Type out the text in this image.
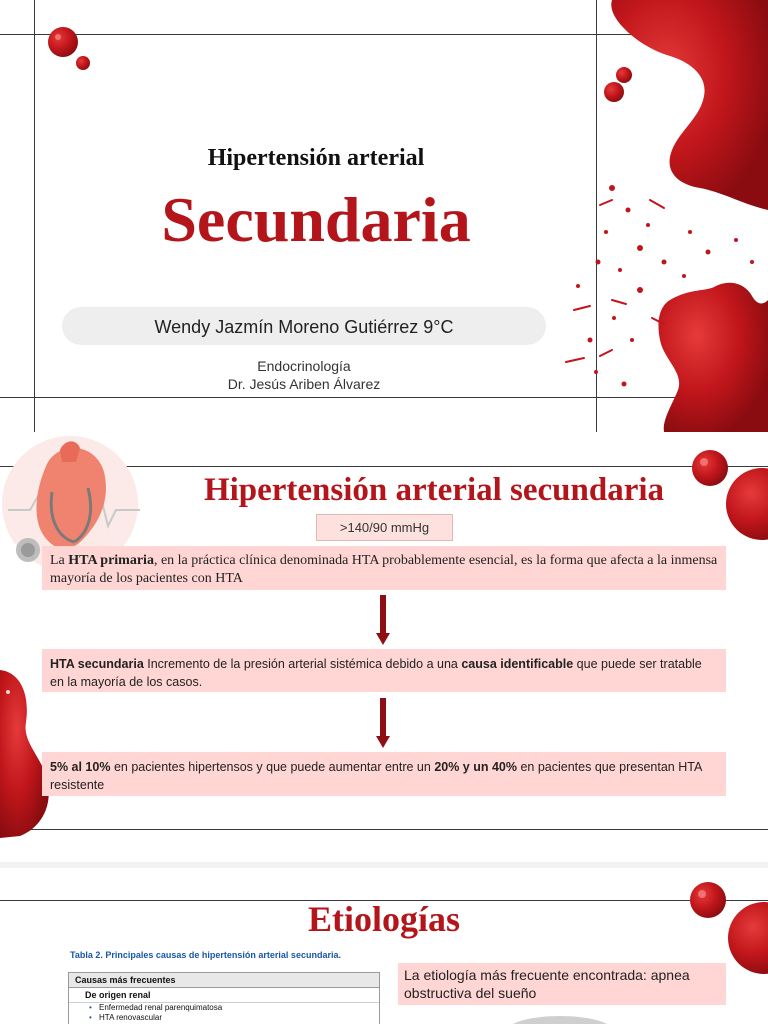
Hipertensión arterial
Secundaria
Wendy Jazmín Moreno Gutiérrez 9°C
Endocrinología
Dr. Jesús Ariben Álvarez
Hipertensión arterial secundaria
>140/90 mmHg
La HTA primaria, en la práctica clínica denominada HTA probablemente esencial, es la forma que afecta a la inmensa mayoría de los pacientes con HTA
HTA secundaria Incremento de la presión arterial sistémica debido a una causa identificable que puede ser tratable en la mayoría de los casos.
5% al 10% en pacientes hipertensos y que puede aumentar entre un 20% y un 40% en pacientes que presentan HTA resistente
Etiologías
Tabla 2. Principales causas de hipertensión arterial secundaria.
Causas más frecuentes
De origen renal
• Enfermedad renal parenquimatosa
• HTA renovascular
La etiología más frecuente encontrada: apnea obstructiva del sueño
